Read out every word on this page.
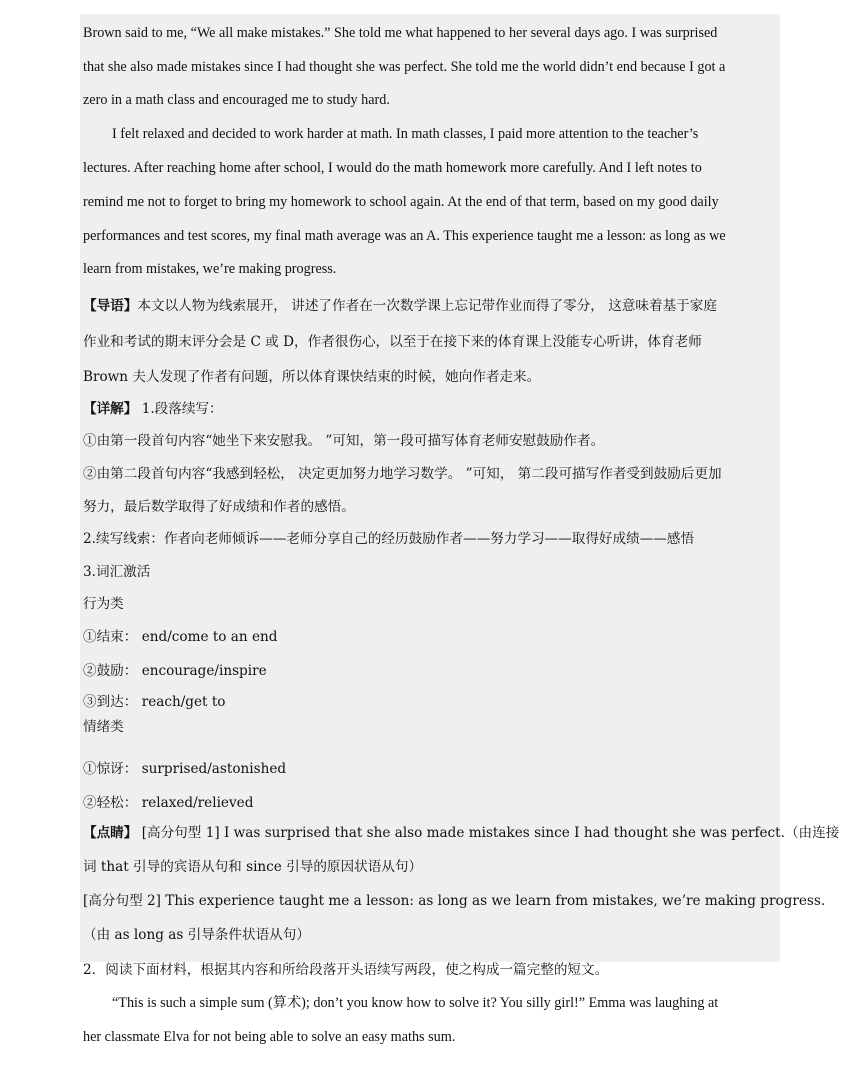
Brown said to me, “We all make mistakes.” She told me what happened to her several days ago. I was surprised
that she also made mistakes since I had thought she was perfect. She told me the world didn’t end because I got a
zero in a math class and encouraged me to study hard.
I felt relaxed and decided to work harder at math. In math classes, I paid more attention to the teacher’s
lectures. After reaching home after school, I would do the math homework more carefully. And I left notes to
remind me not to forget to bring my homework to school again. At the end of that term, based on my good daily
performances and test scores, my final math average was an A. This experience taught me a lesson: as long as we
learn from mistakes, we’re making progress.
【导语】本文以人物为线索展开， 讲述了作者在一次数学课上忘记带作业而得了零分， 这意味着基于家庭
作业和考试的期末评分会是 C 或 D，作者很伤心，以至于在接下来的体育课上没能专心听讲，体育老师
Brown 夫人发现了作者有问题，所以体育课快结束的时候，她向作者走来。
【详解】 1.段落续写：
①由第一段首句内容“她坐下来安慰我。 ”可知，第一段可描写体育老师安慰鼓励作者。
②由第二段首句内容“我感到轻松， 决定更加努力地学习数学。 ”可知， 第二段可描写作者受到鼓励后更加
努力，最后数学取得了好成绩和作者的感悟。
2.续写线索：作者向老师倾诉——老师分享自己的经历鼓励作者——努力学习——取得好成绩——感悟
3.词汇激活
行为类
①结束： end/come to an end
②鼓励： encourage/inspire
③到达： reach/get to
情绪类
①惊讶： surprised/astonished
②轻松： relaxed/relieved
【点睛】 [高分句型 1] I was surprised that she also made mistakes since I had thought she was perfect.（由连接
词 that 引导的宾语从句和 since 引导的原因状语从句）
[高分句型 2] This experience taught me a lesson: as long as we learn from mistakes, we’re making progress.
（由 as long as 引导条件状语从句）
2．阅读下面材料，根据其内容和所给段落开头语续写两段，使之构成一篇完整的短文。
“This is such a simple sum (算术); don’t you know how to solve it? You silly girl!” Emma was laughing at
her classmate Elva for not being able to solve an easy maths sum.
